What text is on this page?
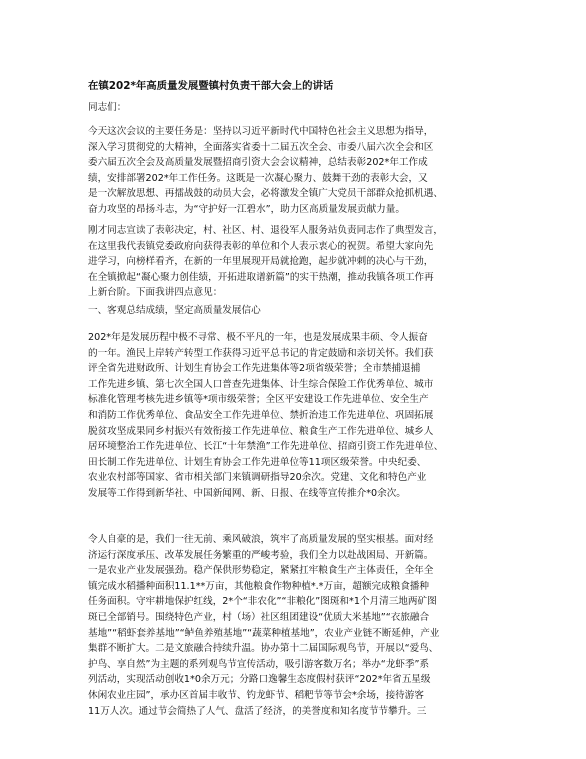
在镇202*年高质量发展暨镇村负责干部大会上的讲话
同志们：
今天这次会议的主要任务是：坚持以习近平新时代中国特色社会主义思想为指导，
深入学习贯彻党的大精神，全面落实省委十二届五次全会、市委八届六次全会和区
委六届五次全会及高质量发展暨招商引资大会会议精神，总结表彰202*年工作成
绩，安排部署202*年工作任务。这既是一次凝心聚力、鼓舞干劲的表彰大会，又
是一次解放思想、再擂战鼓的动员大会，必将激发全镇广大党员干部群众抢抓机遇、
奋力攻坚的昂扬斗志，为“守护好一江碧水”，助力区高质量发展贡献力量。
刚才同志宣读了表彰决定，村、社区、村、退役军人服务站负责同志作了典型发言，
在这里我代表镇党委政府向获得表彰的单位和个人表示衷心的祝贺。希望大家向先
进学习，向榜样看齐，在新的一年里展现开局就抢跑，起步就冲刺的决心与干劲，
在全镇掀起“凝心聚力创佳绩，开拓进取谱新篇”的实干热潮，推动我镇各项工作再
上新台阶。下面我讲四点意见：
一、客观总结成绩，坚定高质量发展信心
202*年是发展历程中极不寻常、极不平凡的一年，也是发展成果丰硕、令人振奋
的一年。渔民上岸转产转型工作获得习近平总书记的肯定鼓励和亲切关怀。我们获
评全省先进财政所、计划生育协会工作先进集体等2项省级荣誉；全市禁捕退捕
工作先进乡镇、第七次全国人口普查先进集体、计生综合保险工作优秀单位、城市
标准化管理考核先进乡镇等*项市级荣誉；全区平安建设工作先进单位、安全生产
和消防工作优秀单位、食品安全工作先进单位、禁折治违工作先进单位、巩固拓展
脱贫攻坚成果同乡村振兴有效衔接工作先进单位、粮食生产工作先进单位、城乡人
居环境整治工作先进单位、长江“十年禁渔”工作先进单位、招商引资工作先进单位、
田长制工作先进单位、计划生育协会工作先进单位等11项区级荣誉。中央纪委、
农业农村部等国家、省市相关部门来镇调研指导20余次。党建、文化和特色产业
发展等工作得到新华社、中国新闻网、新、日报、在线等宣传推介*0余次。
令人自豪的是，我们一往无前、乘风破浪，筑牢了高质量发展的坚实根基。面对经
济运行深度承压、改革发展任务繁重的严峻考验，我们全力以赴战困局、开新篇。
一是农业产业发展强劲。稳产保供形势稳定，紧紧扛牢粮食生产主体责任，全年全
镇完成水稻播种面积11.1**万亩，其他粮食作物种植*.*万亩，超额完成粮食播种
任务面积。守牢耕地保护红线，2*个“非农化”“非粮化”图斑和*1个月清三地两矿图
斑已全部销号。围绕特色产业，村（场）社区组团建设“优质大米基地”“衣旅融合
基地”“稻虾套养基地”“鲈鱼养殖基地”“蔬菜种植基地”，农业产业链不断延伸，产业
集群不断扩大。二是文旅融合持续升温。协办第十二届国际观鸟节，开展以“爱鸟、
护鸟、享自然”为主题的系列观鸟节宣传活动，吸引游客数万名；举办“龙虾季”系
列活动，实现活动创收1*0余万元；分路口逸馨生态度假村获评“202*年省五星级
休闲农业庄园”，承办区首届丰收节、钓龙虾节、稻粑节等节会*余场，接待游客
11万人次。通过节会简热了人气、盘活了经济，的美誉度和知名度节节攀升。三
